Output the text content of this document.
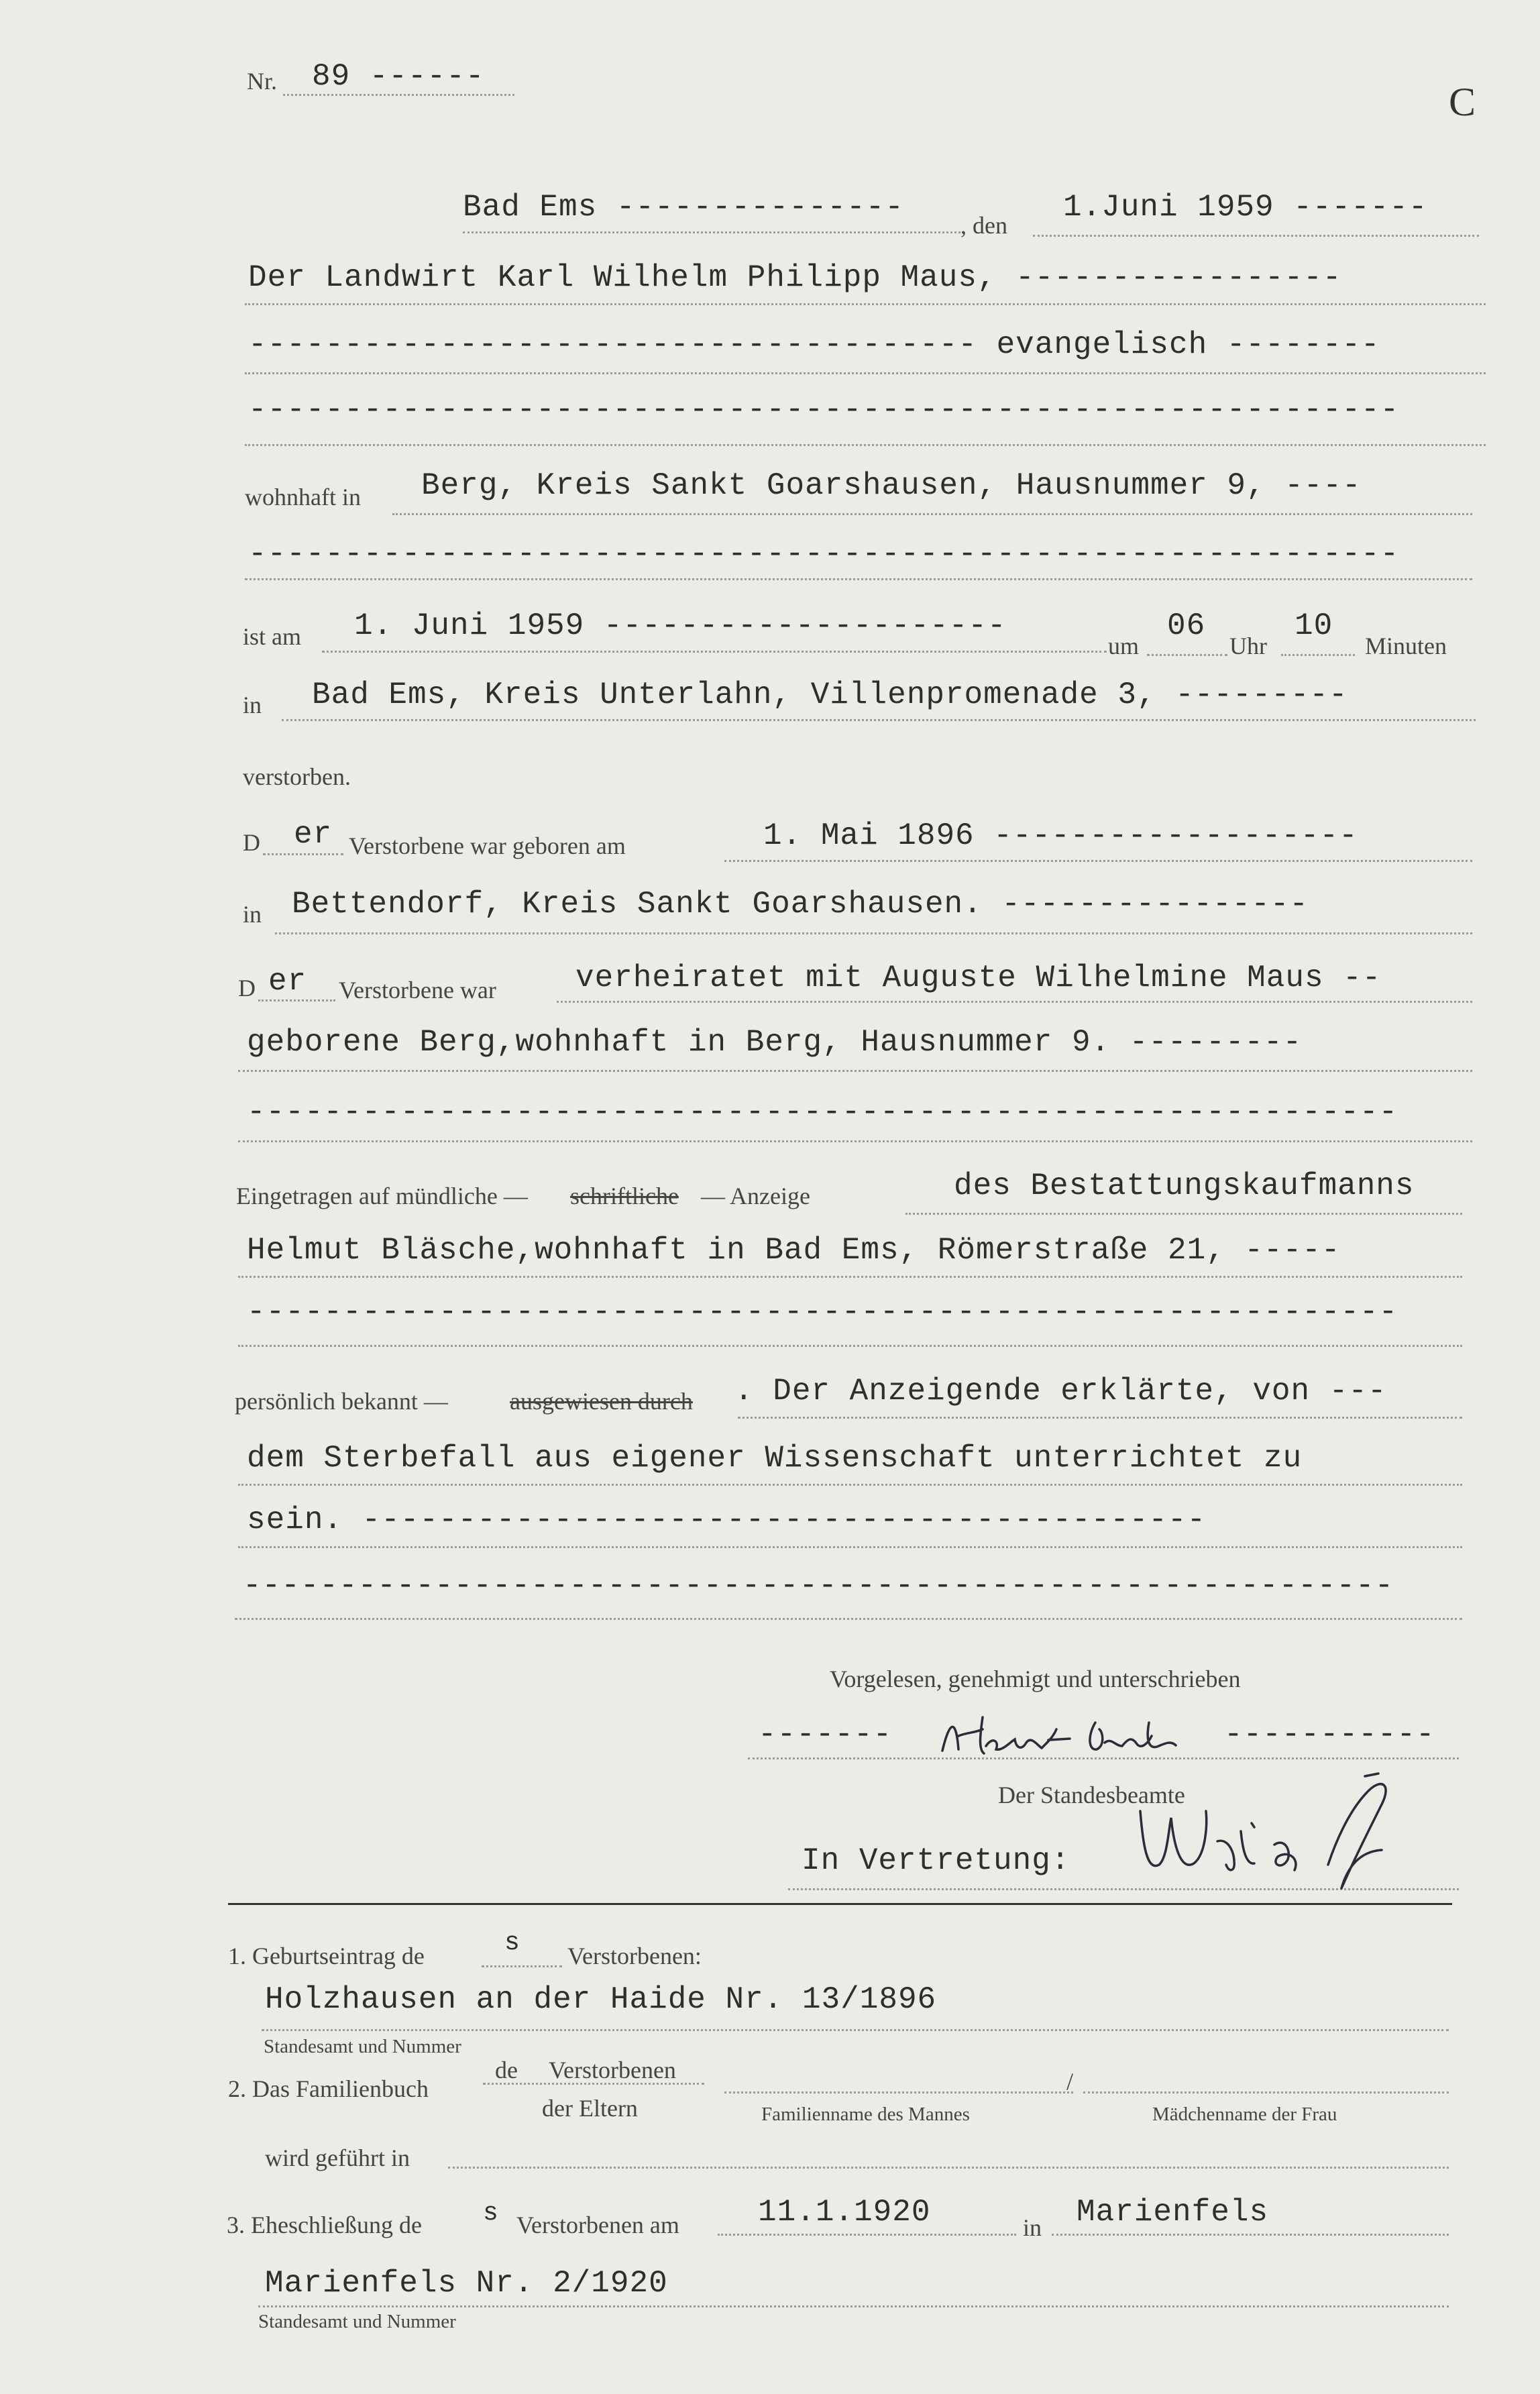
Nr. 89 ------
C
Bad Ems ---------------
, den
1.Juni 1959 -------
Der Landwirt Karl Wilhelm Philipp Maus, -----------------
-------------------------------------- evangelisch --------
------------------------------------------------------------
wohnhaft in Berg, Kreis Sankt Goarshausen, Hausnummer 9, ----
------------------------------------------------------------
ist am 1. Juni 1959 ---------------------
um
06
Uhr
10
Minuten
in Bad Ems, Kreis Unterlahn, Villenpromenade 3, ---------
verstorben.
D er Verstorbene war geboren am	1. Mai 1896 -------------------
in Bettendorf, Kreis Sankt Goarshausen. ----------------
D er Verstorbene war	verheiratet mit Auguste Wilhelmine Maus --
geborene Berg,wohnhaft in Berg, Hausnummer 9. ---------
------------------------------------------------------------
Eingetragen auf mündliche — schriftliche — Anzeige	des Bestattungskaufmanns
Helmut Bläsche,wohnhaft in Bad Ems, Römerstraße 21, -----
------------------------------------------------------------
persönlich bekannt —	ausgewiesen durch . Der Anzeigende erklärte, von ---
dem Sterbefall aus eigener Wissenschaft unterrichtet zu
sein. --------------------------------------------
------------------------------------------------------------
Vorgelesen, genehmigt und unterschrieben
-------	-----------
Der Standesbeamte
In Vertretung:
1. Geburtseintrag de	s Verstorbenen:
Holzhausen an der Haide Nr. 13/1896
Standesamt und Nummer
2. Das Familienbuch
de Verstorbenen
der Eltern
/
Familienname des Mannes	Mädchenname der Frau
wird geführt in
3. Eheschließung de s Verstorbenen am	11.1.1920	in Marienfels
Marienfels Nr. 2/1920
Standesamt und Nummer
